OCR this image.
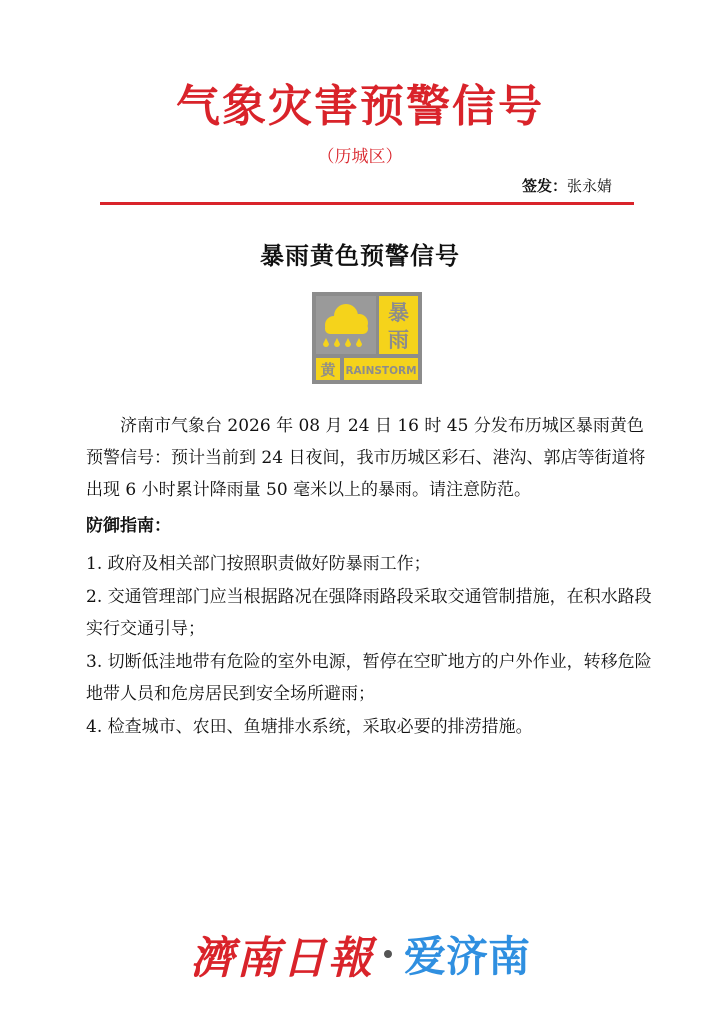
气象灾害预警信号
（历城区）
签发：张永婧
暴雨黄色预警信号
暴
雨
黄 RAINSTORM

济南市气象台 2026 年 08 月 24 日 16 时 45 分发布历城区暴雨黄色预警信号：预计当前到 24 日夜间，我市历城区彩石、港沟、郭店等街道将出现 6 小时累计降雨量 50 毫米以上的暴雨。请注意防范。

防御指南：

1. 政府及相关部门按照职责做好防暴雨工作；

2. 交通管理部门应当根据路况在强降雨路段采取交通管制措施，在积水路段实行交通引导；

3. 切断低洼地带有危险的室外电源，暂停在空旷地方的户外作业，转移危险地带人员和危房居民到安全场所避雨；

4. 检查城市、农田、鱼塘排水系统，采取必要的排涝措施。

濟南日報 爱济南
